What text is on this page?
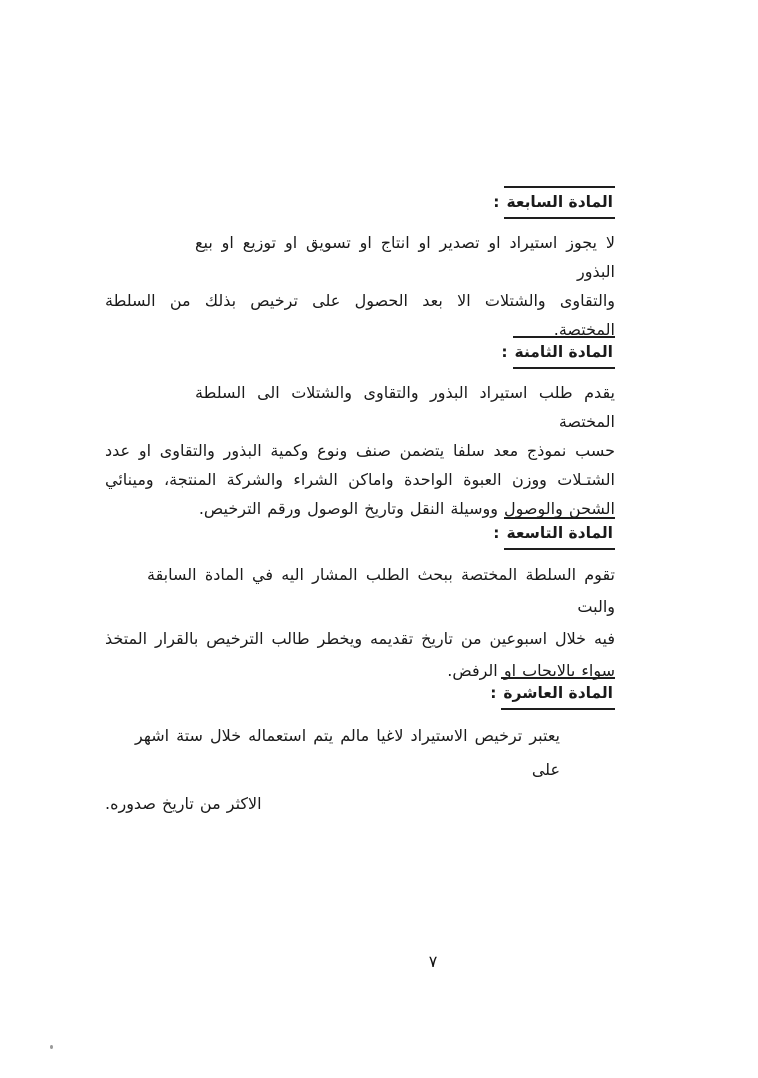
المادة السابعة:
لا يجوز استيراد او تصدير او انتاج او تسويق او توزيع او بيع البذور
والتقاوى والشتلات الا بعد الحصول على ترخيص بذلك من السلطة
المختصة.
المادة الثامنة:
يقدم طلب استيراد البذور والتقاوى والشتلات الى السلطة المختصة
حسب نموذج معد سلفا يتضمن صنف ونوع وكمية البذور والتقاوى او عدد
الشتـلات ووزن العبوة الواحدة واماكن الشراء والشركة المنتجة، ومينائي
الشحن والوصول ووسيلة النقل وتاريخ الوصول ورقم الترخيص.
المادة التاسعة:
تقوم السلطة المختصة ببحث الطلب المشار اليه في المادة السابقة والبت
فيه خلال اسبوعين من تاريخ تقديمه ويخطر طالب الترخيص بالقرار المتخذ
سواء بالايجاب او الرفض.
المادة العاشرة:
يعتبر ترخيص الاستيراد لاغيا مالم يتم استعماله خلال ستة اشهر على
الاكثر من تاريخ صدوره.
٧
